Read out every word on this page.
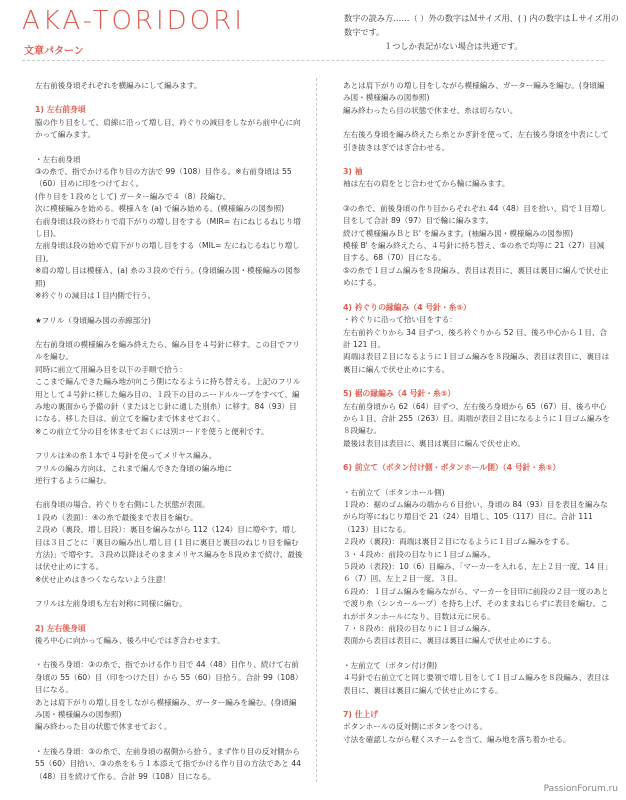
AKA-TORIDORI
文章パターン
数字の読み方……（ ）外の数字はＭサイズ用、( ) 内の数字はＬサイズ用の数字です。
１つしか表記がない場合は共通です。

左右前後身頃それぞれを横編みにして編みます。

1) 左右前身頃

脇の作り目をして、肩線に沿って増し目、衿ぐりの減目をしながら前中心に向かって編みます。

・左右前身頃
③の糸で、指でかける作り目の方法で 99（108）目作る。※右前身頃は 55（60）目めに印をつけておく。
(作り目を１段めとして) ガーター編みで４（8）段編む。
次に模様編みを始める。模様Ａを (a) で編み始める。(模様編みの図参照)
右前身頃は段の終わりで肩下がりの増し目をする（MIR= 右にねじるねじり増し目)。
左前身頃は段の始めで肩下がりの増し目をする（MIL= 左にねじるねじり増し目)。
※肩の増し目は模様Ａ、(a) 糸の３段めで行う。(身頃編み図・模様編みの図参照)
※衿ぐりの減目は１目内側で行う。

★フリル（身頃編み図の赤線部分)

左右前身頃の模様編みを編み終えたら、編み目を４号針に移す。この目でフリルを編む。
同時に前立て用編み目を以下の手順で拾う：
ここまで編んできた編み地が向こう側になるように持ち替える。上記のフリル用として４号針に移した編み目の、１段下の目のニードルループをすべて、編み地の裏面から予備の針（またはとじ針に通した別糸）に移す。84（93）目になる。移した目は、前立てを編むまで休ませておく。
※この前立て分の目を休ませておくには別コードを使うと便利です。

フリルは④の糸１本で４号針を使ってメリヤス編み。
フリルの編み方向は、これまで編んできた身頃の編み地に
逆行するように編む。

右前身頃の場合、衿ぐりを右側にした状態が表面。
１段め（表面）：④の糸で最後まで表目を編む。
２段め（裏段、増し目段）：裏目を編みながら 112（124）目に増やす。増し目は３目ごとに「裏目の編み出し増し目 (１目に裏目と裏目のねじり目を編む方法)」で増やす。３段め以降はそのままメリヤス編みを８段めまで続け、最後は伏せ止めにする。
※伏せ止めはきつくならないよう注意！

フリルは左前身頃も左右対称に同様に編む。

2) 左右後身頃

後ろ中心に向かって編み、後ろ中心ではぎ合わせます。

・右後ろ身頃：③の糸で、指でかける作り目で 44（48）目作り、続けて右前身頃の 55（60）目（印をつけた目）から 55（60）目拾う。合計 99（108）目になる。
あとは肩下がりの増し目をしながら模様編み、ガーター編みを編む。(身頃編み図・模様編みの図参照)
編み終わった目の状態で休ませておく。

・左後ろ身頃：③の糸で、左前身頃の裾側から拾う。まず作り目の反対側から 55（60）目拾い、③の糸をもう１本添えて指でかける作り目の方法であと 44（48）目を続けて作る。合計 99（108）目になる。

あとは肩下がりの増し目をしながら模様編み、ガーター編みを編む。(身頃編み図・模様編みの図参照)
編み終わったら目の状態で休ませ、糸は切らない。

左右後ろ身頃を編み終えたら糸とかぎ針を使って、左右後ろ身頃を中表にして引き抜きはぎではぎ合わせる。

3) 袖

袖は左右の肩をとじ合わせてから輪に編みます。

③の糸で、前後身頃の作り目からそれぞれ 44（48）目を拾い、肩で１目増し目をして合計 89（97）目で輪に編みます。
続けて模様編みＢとＢ' を編みます。(袖編み図・模様編みの図参照)
模様 B' を編み終えたら、４号針に持ち替え、⑤の糸で均等に 21（27）目減目する。68（70）目になる。
⑤の糸で１目ゴム編みを８段編み、表目は表目に、裏目は裏目に編んで伏せ止めにする。

4) 衿ぐりの縁編み（4 号針・糸⑤）

・衿ぐりに沿って拾い目をする：
左右前衿ぐりから 34 目ずつ、後ろ衿ぐりから 52 目、後ろ中心から１目、合計 121 目。
両端は表目２目になるように１目ゴム編みを８段編み、表目は表目に、裏目は裏目に編んで伏せ止めにする。

5) 裾の縁編み（4 号針・糸⑤）

左右前身頃から 62（64）目ずつ、左右後ろ身頃から 65（67）目、後ろ中心から１目、合計 255（263）目。両端が表目２目になるように１目ゴム編みを８段編む。
最後は表目は表目に、裏目は裏目に編んで伏せ止め。

6) 前立て（ボタン付け側・ボタンホール側）（4 号針・糸⑤）

・右前立て（ボタンホール側)
１段め：裾のゴム編みの端から６目拾い、身頃の 84（93）目を表目を編みながら均等にねじり増目で 21（24）目増し、105（117）目に。合計 111（123）目になる。
２段め（裏段)：両端は裏目２目になるように１目ゴム編みをする。
３・４段め：前段の目なりに１目ゴム編み。
５段め（表段)：10（6）目編み、「マーカーを入れる、左上２目一度、14 目」６（7）回、左上２目一度、３目。
６段め：１目ゴム編みを編みながら、マーカーを目印に前段の２目一度のあとで渡り糸（シンカーループ）を持ち上げ、そのままねじらずに表目を編む。これがボタンホールになり、目数は元に戻る。
７・８段め：前段の目なりに１目ゴム編み。
表面から表目は表目に、裏目は裏目に編んで伏せ止めにする。

・左前立て（ボタン付け側)
４号針で右前立てと同じ要領で増し目をして１目ゴム編みを８段編み、表目は表目に、裏目は裏目に編んで伏せ止めにする。

7) 仕上げ

ボタンホールの反対側にボタンをつける。
寸法を確認しながら軽くスチームを当て、編み地を落ち着かせる。

PassionForum.ru
